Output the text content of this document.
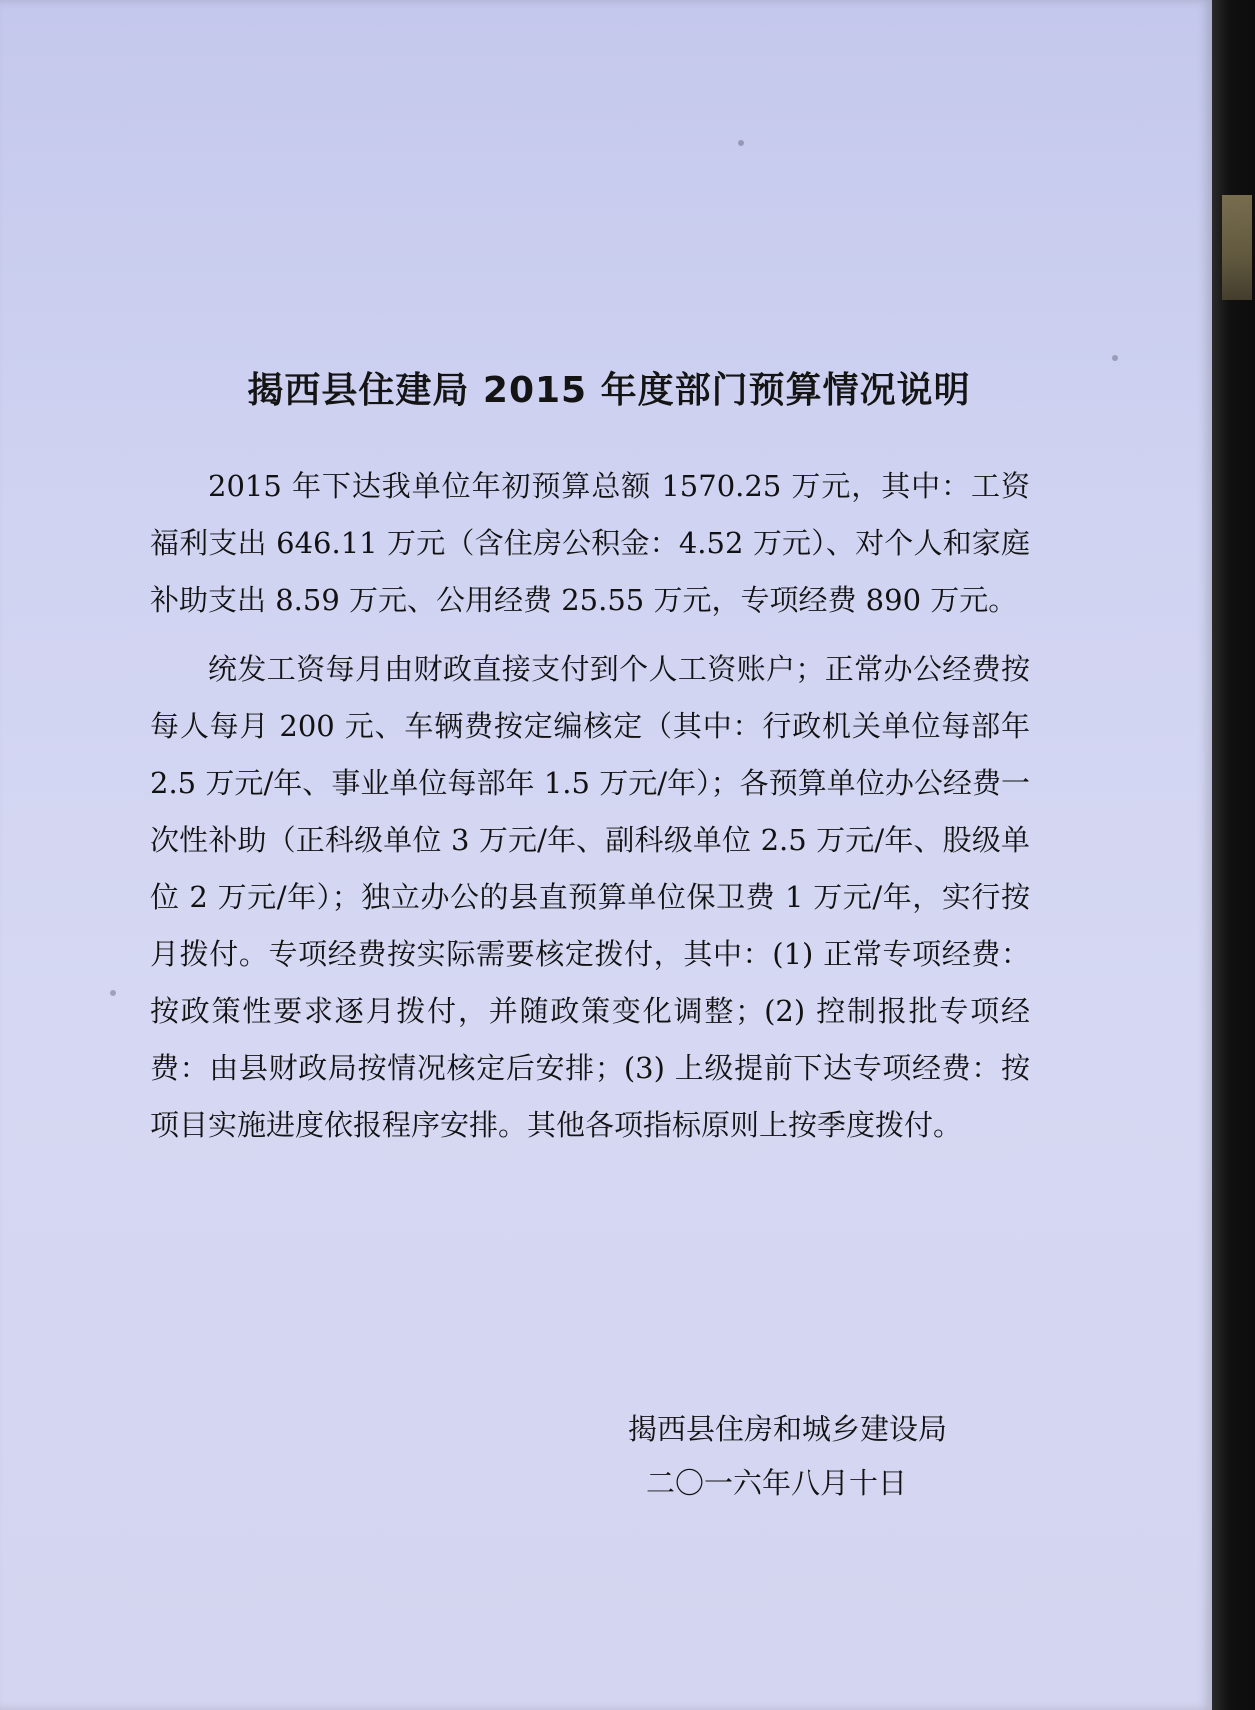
揭西县住建局 2015 年度部门预算情况说明

2015 年下达我单位年初预算总额 1570.25 万元，其中：工资福利支出 646.11 万元（含住房公积金：4.52 万元）、对个人和家庭补助支出 8.59 万元、公用经费 25.55 万元，专项经费 890 万元。

统发工资每月由财政直接支付到个人工资账户；正常办公经费按每人每月 200 元、车辆费按定编核定（其中：行政机关单位每部年 2.5 万元/年、事业单位每部年 1.5 万元/年）；各预算单位办公经费一次性补助（正科级单位 3 万元/年、副科级单位 2.5 万元/年、股级单位 2 万元/年）；独立办公的县直预算单位保卫费 1 万元/年，实行按月拨付。专项经费按实际需要核定拨付，其中：(1) 正常专项经费：按政策性要求逐月拨付，并随政策变化调整；(2) 控制报批专项经费：由县财政局按情况核定后安排；(3) 上级提前下达专项经费：按项目实施进度依报程序安排。其他各项指标原则上按季度拨付。

揭西县住房和城乡建设局
二〇一六年八月十日
